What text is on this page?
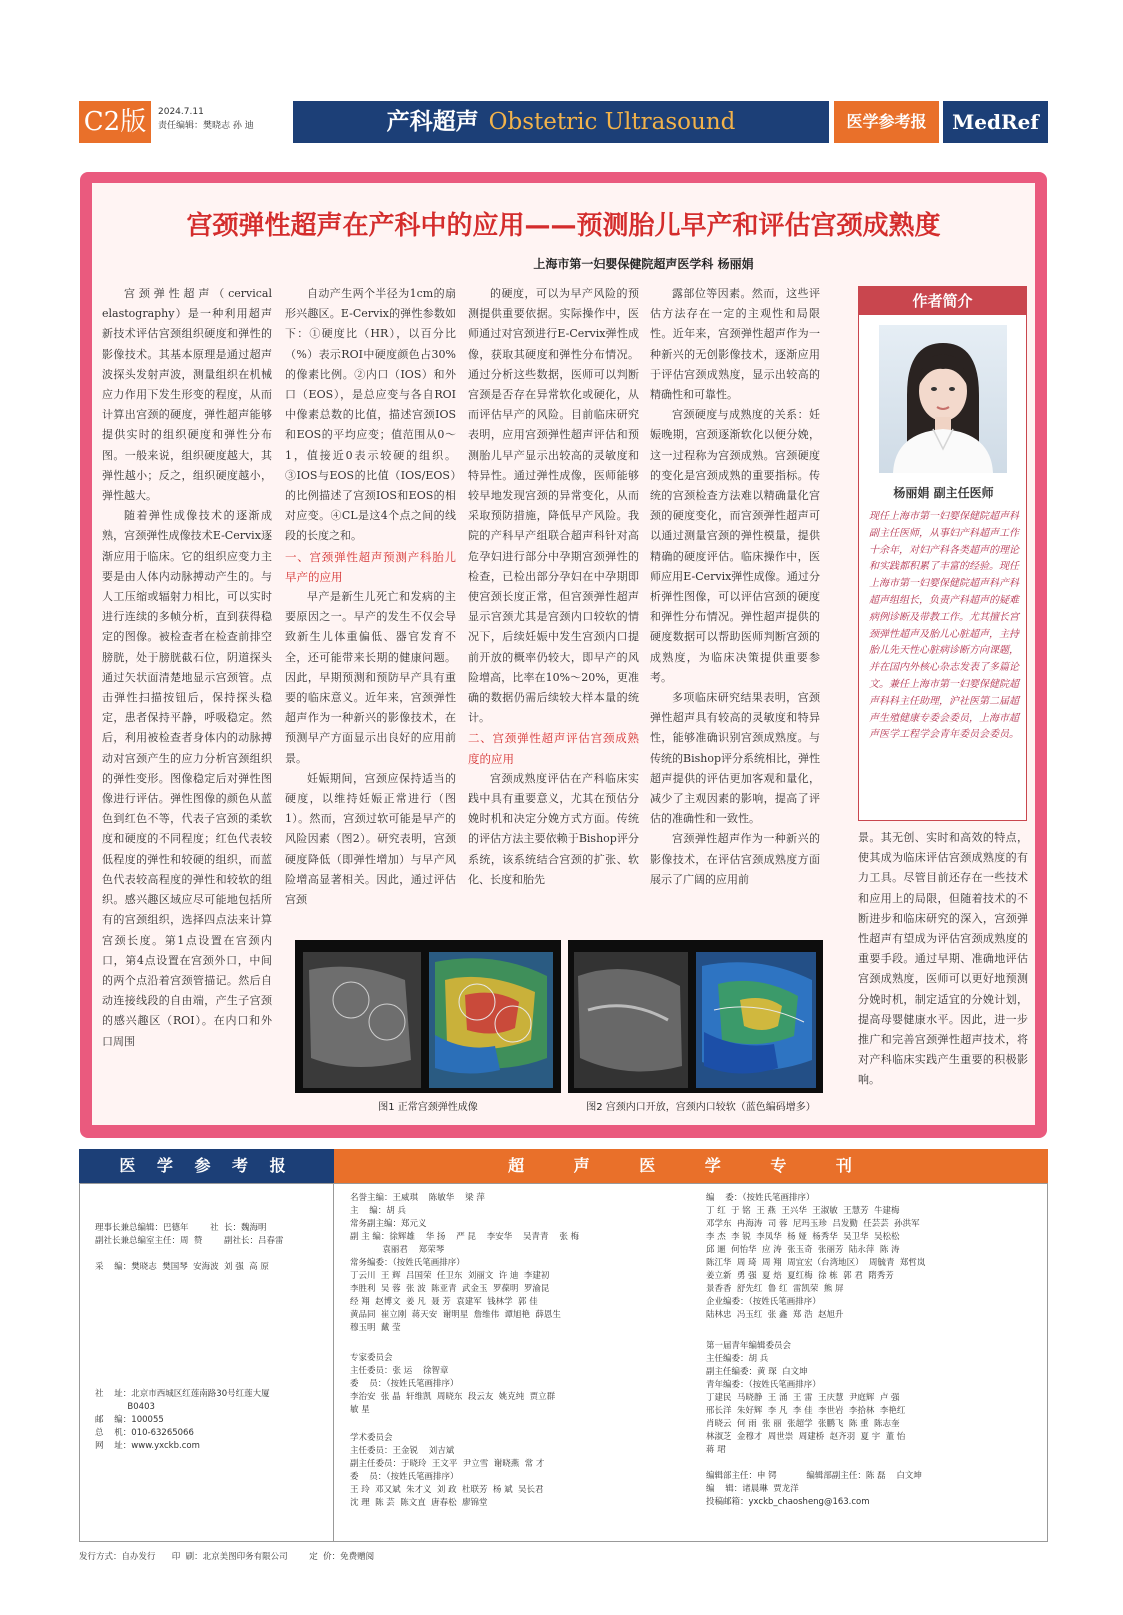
C2版	2024.7.11
责任编辑：樊晓志 孙 迪	产科超声 Obstetric Ultrasound	医学参考报	MedRef
宫颈弹性超声在产科中的应用——预测胎儿早产和评估宫颈成熟度
上海市第一妇婴保健院超声医学科 杨丽娟

宫颈弹性超声（cervical elastography）是一种利用超声新技术评估宫颈组织硬度和弹性的影像技术。其基本原理是通过超声波探头发射声波，测量组织在机械应力作用下发生形变的程度，从而计算出宫颈的硬度，弹性超声能够提供实时的组织硬度和弹性分布图。一般来说，组织硬度越大，其弹性越小；反之，组织硬度越小，弹性越大。

随着弹性成像技术的逐渐成熟，宫颈弹性成像技术E-Cervix逐渐应用于临床。它的组织应变力主要是由人体内动脉搏动产生的。与人工压缩或辐射力相比，可以实时进行连续的多帧分析，直到获得稳定的图像。被检查者在检查前排空膀胱，处于膀胱截石位，阴道探头通过矢状面清楚地显示宫颈管。点击弹性扫描按钮后，保持探头稳定，患者保持平静，呼吸稳定。然后，利用被检查者身体内的动脉搏动对宫颈产生的应力分析宫颈组织的弹性变形。图像稳定后对弹性图像进行评估。弹性图像的颜色从蓝色到红色不等，代表子宫颈的柔软度和硬度的不同程度；红色代表较低程度的弹性和较硬的组织，而蓝色代表较高程度的弹性和较软的组织。感兴趣区域应尽可能地包括所有的宫颈组织，选择四点法来计算宫颈长度。第1点设置在宫颈内口，第4点设置在宫颈外口，中间的两个点沿着宫颈管描记。然后自动连接线段的自由端，产生子宫颈的感兴趣区（ROI）。在内口和外口周围

自动产生两个半径为1cm的扇形兴趣区。E-Cervix的弹性参数如下：①硬度比（HR），以百分比（%）表示ROI中硬度颜色占30%的像素比例。②内口（IOS）和外口（EOS），是总应变与各自ROI中像素总数的比值，描述宫颈IOS和EOS的平均应变；值范围从0～1，值接近0表示较硬的组织。③IOS与EOS的比值（IOS/EOS）的比例描述了宫颈IOS和EOS的相对应变。④CL是这4个点之间的线段的长度之和。

一、宫颈弹性超声预测产科胎儿早产的应用

早产是新生儿死亡和发病的主要原因之一。早产的发生不仅会导致新生儿体重偏低、器官发育不全，还可能带来长期的健康问题。因此，早期预测和预防早产具有重要的临床意义。近年来，宫颈弹性超声作为一种新兴的影像技术，在预测早产方面显示出良好的应用前景。

妊娠期间，宫颈应保持适当的硬度，以维持妊娠正常进行（图1）。然而，宫颈过软可能是早产的风险因素（图2）。研究表明，宫颈硬度降低（即弹性增加）与早产风险增高显著相关。因此，通过评估宫颈

的硬度，可以为早产风险的预测提供重要依据。实际操作中，医师通过对宫颈进行E-Cervix弹性成像，获取其硬度和弹性分布情况。通过分析这些数据，医师可以判断宫颈是否存在异常软化或硬化，从而评估早产的风险。目前临床研究表明，应用宫颈弹性超声评估和预测胎儿早产显示出较高的灵敏度和特异性。通过弹性成像，医师能够较早地发现宫颈的异常变化，从而采取预防措施，降低早产风险。我院的产科早产组联合超声科针对高危孕妇进行部分中孕期宫颈弹性的检查，已检出部分孕妇在中孕期即使宫颈长度正常，但宫颈弹性超声显示宫颈尤其是宫颈内口较软的情况下，后续妊娠中发生宫颈内口提前开放的概率仍较大，即早产的风险增高，比率在10%～20%，更准确的数据仍需后续较大样本量的统计。

二、宫颈弹性超声评估宫颈成熟度的应用

宫颈成熟度评估在产科临床实践中具有重要意义，尤其在预估分娩时机和决定分娩方式方面。传统的评估方法主要依赖于Bishop评分系统，该系统结合宫颈的扩张、软化、长度和胎先

露部位等因素。然而，这些评估方法存在一定的主观性和局限性。近年来，宫颈弹性超声作为一种新兴的无创影像技术，逐渐应用于评估宫颈成熟度，显示出较高的精确性和可靠性。

宫颈硬度与成熟度的关系：妊娠晚期，宫颈逐渐软化以便分娩，这一过程称为宫颈成熟。宫颈硬度的变化是宫颈成熟的重要指标。传统的宫颈检查方法难以精确量化宫颈的硬度变化，而宫颈弹性超声可以通过测量宫颈的弹性模量，提供精确的硬度评估。临床操作中，医师应用E-Cervix弹性成像。通过分析弹性图像，可以评估宫颈的硬度和弹性分布情况。弹性超声提供的硬度数据可以帮助医师判断宫颈的成熟度，为临床决策提供重要参考。

多项临床研究结果表明，宫颈弹性超声具有较高的灵敏度和特异性，能够准确识别宫颈成熟度。与传统的Bishop评分系统相比，弹性超声提供的评估更加客观和量化，减少了主观因素的影响，提高了评估的准确性和一致性。

宫颈弹性超声作为一种新兴的影像技术，在评估宫颈成熟度方面展示了广阔的应用前

景。其无创、实时和高效的特点，使其成为临床评估宫颈成熟度的有力工具。尽管目前还存在一些技术和应用上的局限，但随着技术的不断进步和临床研究的深入，宫颈弹性超声有望成为评估宫颈成熟度的重要手段。通过早期、准确地评估宫颈成熟度，医师可以更好地预测分娩时机，制定适宜的分娩计划，提高母婴健康水平。因此，进一步推广和完善宫颈弹性超声技术，将对产科临床实践产生重要的积极影响。
作者简介
杨丽娟 副主任医师
现任上海市第一妇婴保健院超声科副主任医师，从事妇产科超声工作十余年，对妇产科各类超声的理论和实践都积累了丰富的经验。现任上海市第一妇婴保健院超声科产科超声组组长，负责产科超声的疑难病例诊断及带教工作。尤其擅长宫颈弹性超声及胎儿心脏超声，主持胎儿先天性心脏病诊断方向课题，并在国内外核心杂志发表了多篇论文。兼任上海市第一妇婴保健院超声科科主任助理，沪社医第二届超声生殖健康专委会委员，上海市超声医学工程学会青年委员会委员。
图1 正常宫颈弹性成像	图2 宫颈内口开放，宫颈内口较软（蓝色编码增多）
医 学 参 考 报	超 声 医 学 专 刊
理事长兼总编辑：巴德年        社  长：魏海明
副社长兼总编室主任：周  赞        副社长：吕春雷

采    编：樊晓志  樊国琴  安海波  刘 强  高 原
社    址：北京市西城区红莲南路30号红莲大厦
B0403
邮    编：100055
总    机：010-63265066
网    址：www.yxckb.com
名誉主编：王威琪    陈敏华    梁 萍
主    编：胡 兵
常务副主编：郑元义
副 主 编：徐辉雄    华 扬    严 昆    李安华    吴青青    张 梅
袁丽君    郑荣琴
常务编委：（按姓氏笔画排序）
丁云川  王 辉  吕国荣  任卫东  刘丽文  许 迪  李建初
李胜利  吴 蓉  张 波  陈亚青  武金玉  罗葆明  罗渝昆
经 翔  赵博文  姜 凡  聂 芳  袁建军  钱林学  郭 佳
黄品同  崔立刚  蒋天安  谢明星  詹维伟  谭旭艳  薛恩生
穆玉明  戴 莹
专家委员会
主任委员：张 运    徐智章
委    员：（按姓氏笔画排序）
李治安  张 晶  轩维凯  周晓东  段云友  姚克纯  贾立群
敏 星
学术委员会
主任委员：王金锐    刘吉斌
副主任委员：于晓玲  王文平  尹立雪  谢晓燕  常 才
委    员：（按姓氏笔画排序）
王 玲  邓又斌  朱才义  刘 政  杜联芳  杨 斌  吴长君
沈 理  陈 芸  陈文直  唐春松  廖锦堂
编    委：（按姓氏笔画排序）
丁 红  于 铭  王 燕  王兴华  王淑敏  王慧芳  牛建梅
邓学东  冉海涛  司 蓉  尼玛玉珍  吕发勤  任芸芸  孙洪军
李 杰  李 锐  李凤华  杨 娅  杨秀华  吴卫华  吴松松
邱 逦  何怡华  应 涛  张玉奇  张丽芳  陆永萍  陈 涛
陈江华  周 琦  周 翔  周宜宏（台湾地区）  周毓青  郑哲岚
姜立新  勇 强  夏 焙  夏红梅  徐 栋  郭 君  隋秀芳
景香香  舒先红  鲁 红  雷凯荣  熊 屏
企业编委：（按姓氏笔画排序）
陆林忠  冯玉红  张 鑫  郑 浩  赵旭升
第一届青年编辑委员会
主任编委：胡 兵
副主任编委：黄 琛  白文坤
青年编委：（按姓氏笔画排序）
丁建民  马晓静  王 涌  王 雷  王庆慧  尹庭辉  卢 强
邢长洋  朱好辉  李 凡  李 佳  李世岩  李拾林  李艳红
肖晓云  何 雨  张 丽  张超学  张鹏飞  陈 重  陈志奎
林淑芝  金穆才  周世崇  周建桥  赵齐羽  夏 宇  董 怡
蒋 珺
编辑部主任：申 锷           编辑部副主任：陈 磊    白文坤
编    辑：诸晨琳  贾龙洋
投稿邮箱：yxckb_chaosheng@163.com
发行方式：自办发行      印  刷：北京美图印务有限公司        定  价：免费赠阅
